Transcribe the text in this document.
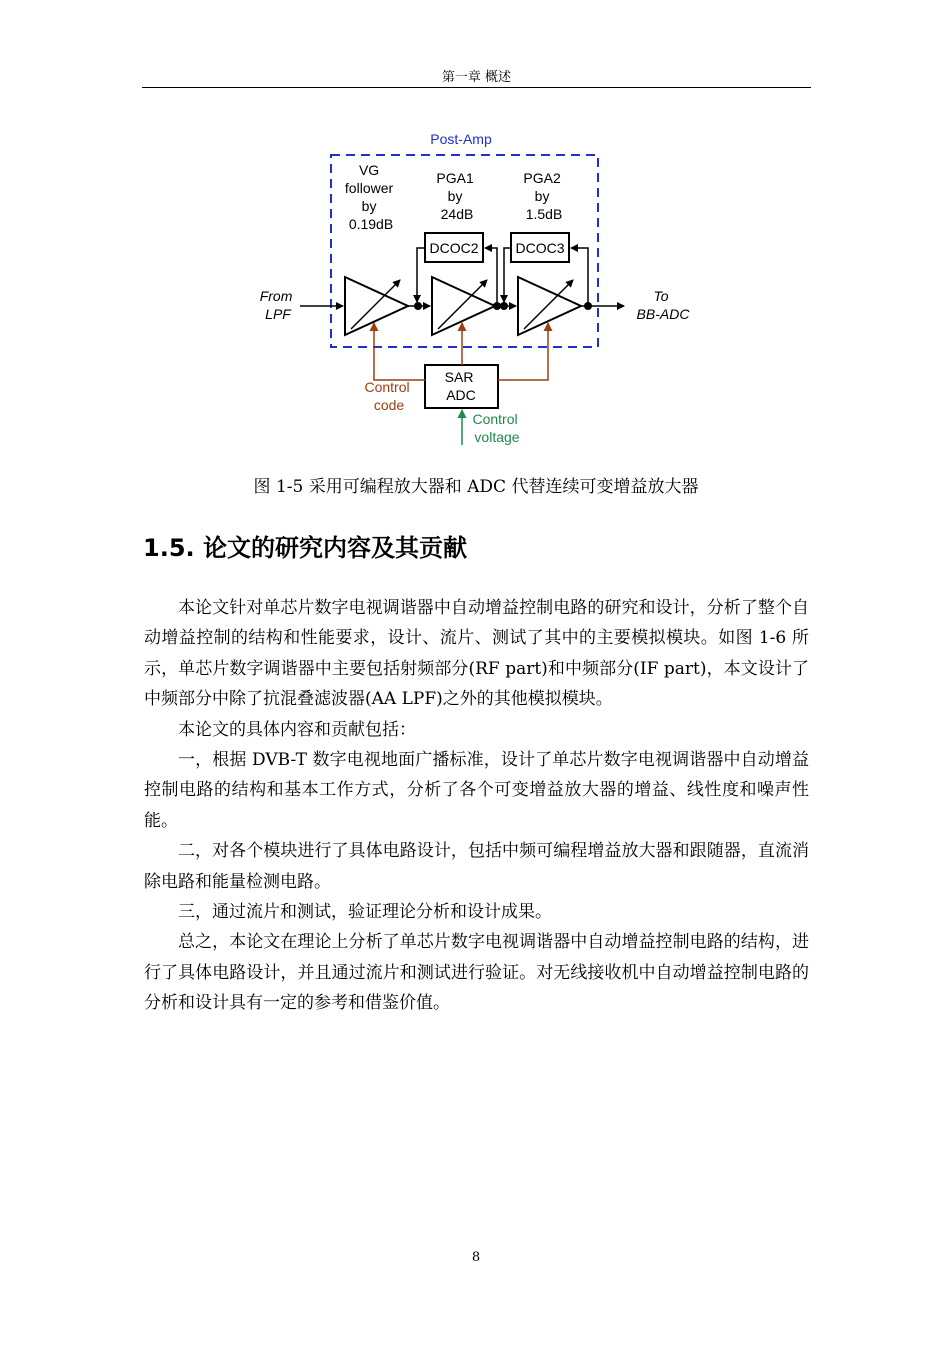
第一章 概述
Post-Amp
VG follower by 0.19dB
PGA1 by 24dB
PGA2 by 1.5dB
DCOC2	DCOC3
From LPF
To BB-ADC
SAR ADC
Control code
Control voltage
图 1-5 采用可编程放大器和 ADC 代替连续可变增益放大器
1.5. 论文的研究内容及其贡献

本论文针对单芯片数字电视调谐器中自动增益控制电路的研究和设计，分析了整个自动增益控制的结构和性能要求，设计、流片、测试了其中的主要模拟模块。如图 1-6 所示，单芯片数字调谐器中主要包括射频部分(RF part)和中频部分(IF part)，本文设计了中频部分中除了抗混叠滤波器(AA LPF)之外的其他模拟模块。

本论文的具体内容和贡献包括：

一，根据 DVB-T 数字电视地面广播标准，设计了单芯片数字电视调谐器中自动增益控制电路的结构和基本工作方式，分析了各个可变增益放大器的增益、线性度和噪声性能。

二，对各个模块进行了具体电路设计，包括中频可编程增益放大器和跟随器，直流消除电路和能量检测电路。

三，通过流片和测试，验证理论分析和设计成果。

总之，本论文在理论上分析了单芯片数字电视调谐器中自动增益控制电路的结构，进行了具体电路设计，并且通过流片和测试进行验证。对无线接收机中自动增益控制电路的分析和设计具有一定的参考和借鉴价值。

8
